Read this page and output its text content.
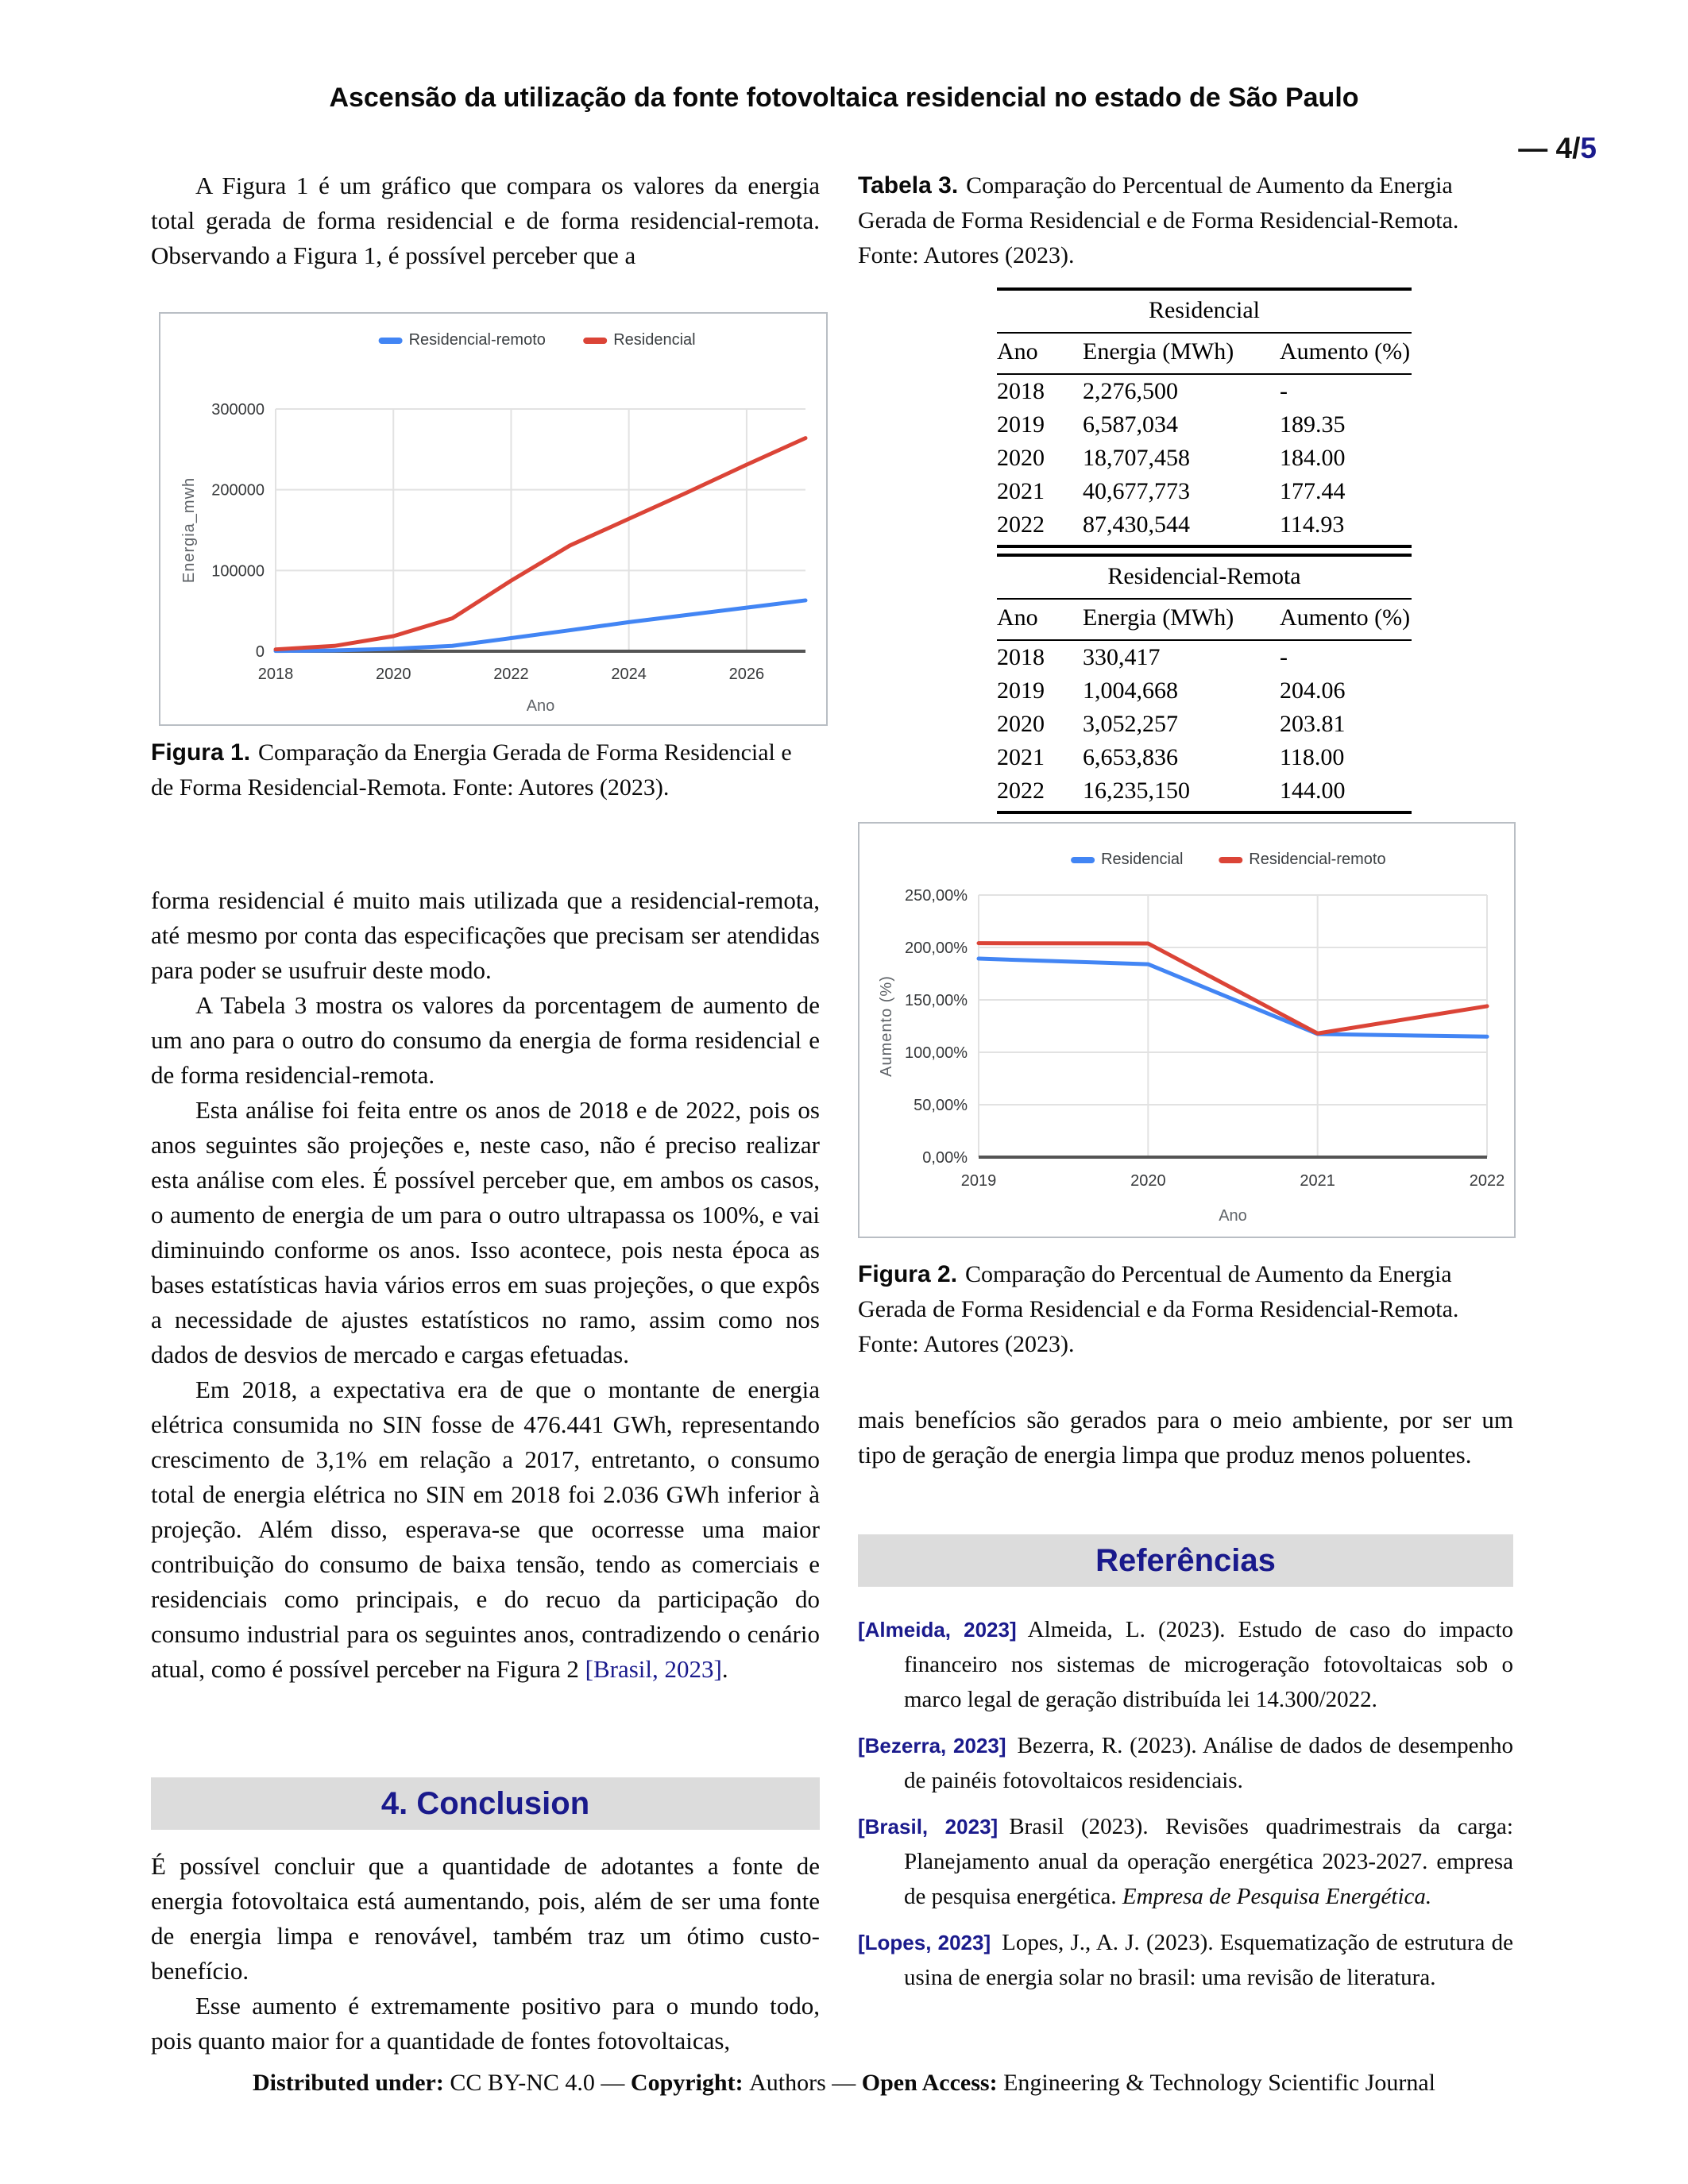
Ascensão da utilização da fonte fotovoltaica residencial no estado de São Paulo
— 4/5

A Figura 1 é um gráfico que compara os valores da energia total gerada de forma residencial e de forma residencial-remota. Observando a Figura 1, é possível perceber que a

0
100000
200000
300000
2018	2020	2022	2024	2026
Ano
Energia_mwh
Residencial-remoto	Residencial
Figura 1. Comparação da Energia Gerada de Forma Residencial e de Forma Residencial-Remota. Fonte: Autores (2023).

forma residencial é muito mais utilizada que a residencial-remota, até mesmo por conta das especificações que precisam ser atendidas para poder se usufruir deste modo.

A Tabela 3 mostra os valores da porcentagem de aumento de um ano para o outro do consumo da energia de forma residencial e de forma residencial-remota.

Esta análise foi feita entre os anos de 2018 e de 2022, pois os anos seguintes são projeções e, neste caso, não é preciso realizar esta análise com eles. É possível perceber que, em ambos os casos, o aumento de energia de um para o outro ultrapassa os 100%, e vai diminuindo conforme os anos. Isso acontece, pois nesta época as bases estatísticas havia vários erros em suas projeções, o que expôs a necessidade de ajustes estatísticos no ramo, assim como nos dados de desvios de mercado e cargas efetuadas.

Em 2018, a expectativa era de que o montante de energia elétrica consumida no SIN fosse de 476.441 GWh, representando crescimento de 3,1% em relação a 2017, entretanto, o consumo total de energia elétrica no SIN em 2018 foi 2.036 GWh inferior à projeção. Além disso, esperava-se que ocorresse uma maior contribuição do consumo de baixa tensão, tendo as comerciais e residenciais como principais, e do recuo da participação do consumo industrial para os seguintes anos, contradizendo o cenário atual, como é possível perceber na Figura 2 [Brasil, 2023].

4. Conclusion

É possível concluir que a quantidade de adotantes a fonte de energia fotovoltaica está aumentando, pois, além de ser uma fonte de energia limpa e renovável, também traz um ótimo custo-benefício.

Esse aumento é extremamente positivo para o mundo todo, pois quanto maior for a quantidade de fontes fotovoltaicas,

Tabela 3. Comparação do Percentual de Aumento da Energia Gerada de Forma Residencial e de Forma Residencial-Remota. Fonte: Autores (2023).
Residencial
Ano	Energia (MWh)	Aumento (%)
2018	2,276,500	-
2019	6,587,034	189.35
2020	18,707,458	184.00
2021	40,677,773	177.44
2022	87,430,544	114.93
Residencial-Remota
Ano	Energia (MWh)	Aumento (%)
2018	330,417	-
2019	1,004,668	204.06
2020	3,052,257	203.81
2021	6,653,836	118.00
2022	16,235,150	144.00
0,00%
50,00%
100,00%
150,00%
200,00%
250,00%
2019	2020	2021	2022
Ano
Aumento (%)
Residencial	Residencial-remoto
Figura 2. Comparação do Percentual de Aumento da Energia Gerada de Forma Residencial e da Forma Residencial-Remota. Fonte: Autores (2023).

mais benefícios são gerados para o meio ambiente, por ser um tipo de geração de energia limpa que produz menos poluentes.

Referências

[Almeida, 2023] Almeida, L. (2023). Estudo de caso do impacto financeiro nos sistemas de microgeração fotovoltaicas sob o marco legal de geração distribuída lei 14.300/2022.

[Bezerra, 2023] Bezerra, R. (2023). Análise de dados de desempenho de painéis fotovoltaicos residenciais.

[Brasil, 2023] Brasil (2023). Revisões quadrimestrais da carga: Planejamento anual da operação energética 2023-2027. empresa de pesquisa energética. Empresa de Pesquisa Energética.

[Lopes, 2023] Lopes, J., A. J. (2023). Esquematização de estrutura de usina de energia solar no brasil: uma revisão de literatura.

Distributed under: CC BY-NC 4.0 — Copyright: Authors — Open Access: Engineering & Technology Scientific Journal
